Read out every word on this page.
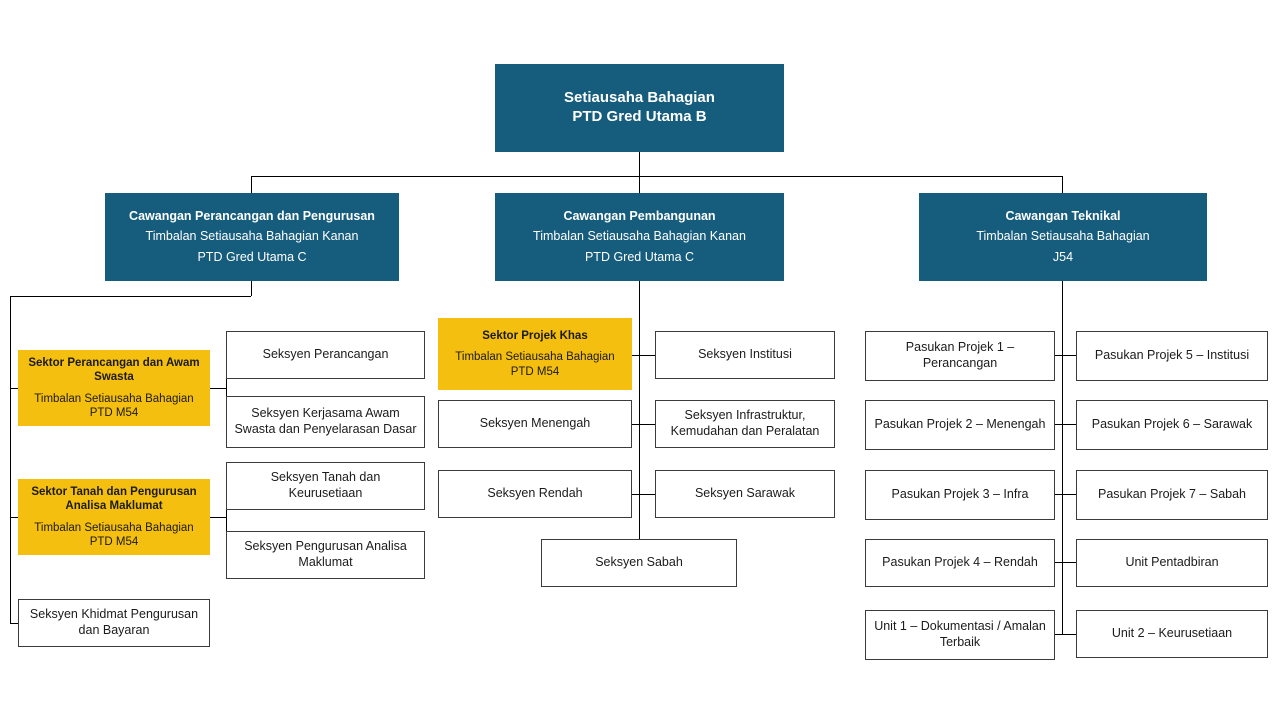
Setiausaha Bahagian
PTD Gred Utama B
Cawangan Perancangan dan Pengurusan
Timbalan Setiausaha Bahagian Kanan
PTD Gred Utama C
Cawangan Pembangunan
Timbalan Setiausaha Bahagian Kanan
PTD Gred Utama C
Cawangan Teknikal
Timbalan Setiausaha Bahagian
J54
Sektor Perancangan dan Awam Swasta
Timbalan Setiausaha Bahagian PTD M54
Sektor Tanah dan Pengurusan Analisa Maklumat
Timbalan Setiausaha Bahagian PTD M54
Sektor Projek Khas
Timbalan Setiausaha Bahagian PTD M54
Seksyen Perancangan
Seksyen Kerjasama Awam Swasta dan Penyelarasan Dasar
Seksyen Tanah dan Keurusetiaan
Seksyen Pengurusan Analisa Maklumat
Seksyen Khidmat Pengurusan dan Bayaran
Seksyen Menengah
Seksyen Rendah
Seksyen Institusi
Seksyen Infrastruktur, Kemudahan dan Peralatan
Seksyen Sarawak
Seksyen Sabah
Pasukan Projek 1 – Perancangan
Pasukan Projek 2 – Menengah
Pasukan Projek 3 – Infra
Pasukan Projek 4 – Rendah
Unit 1 – Dokumentasi / Amalan Terbaik
Pasukan Projek 5 – Institusi
Pasukan Projek 6 – Sarawak
Pasukan Projek 7 – Sabah
Unit Pentadbiran
Unit 2 – Keurusetiaan
